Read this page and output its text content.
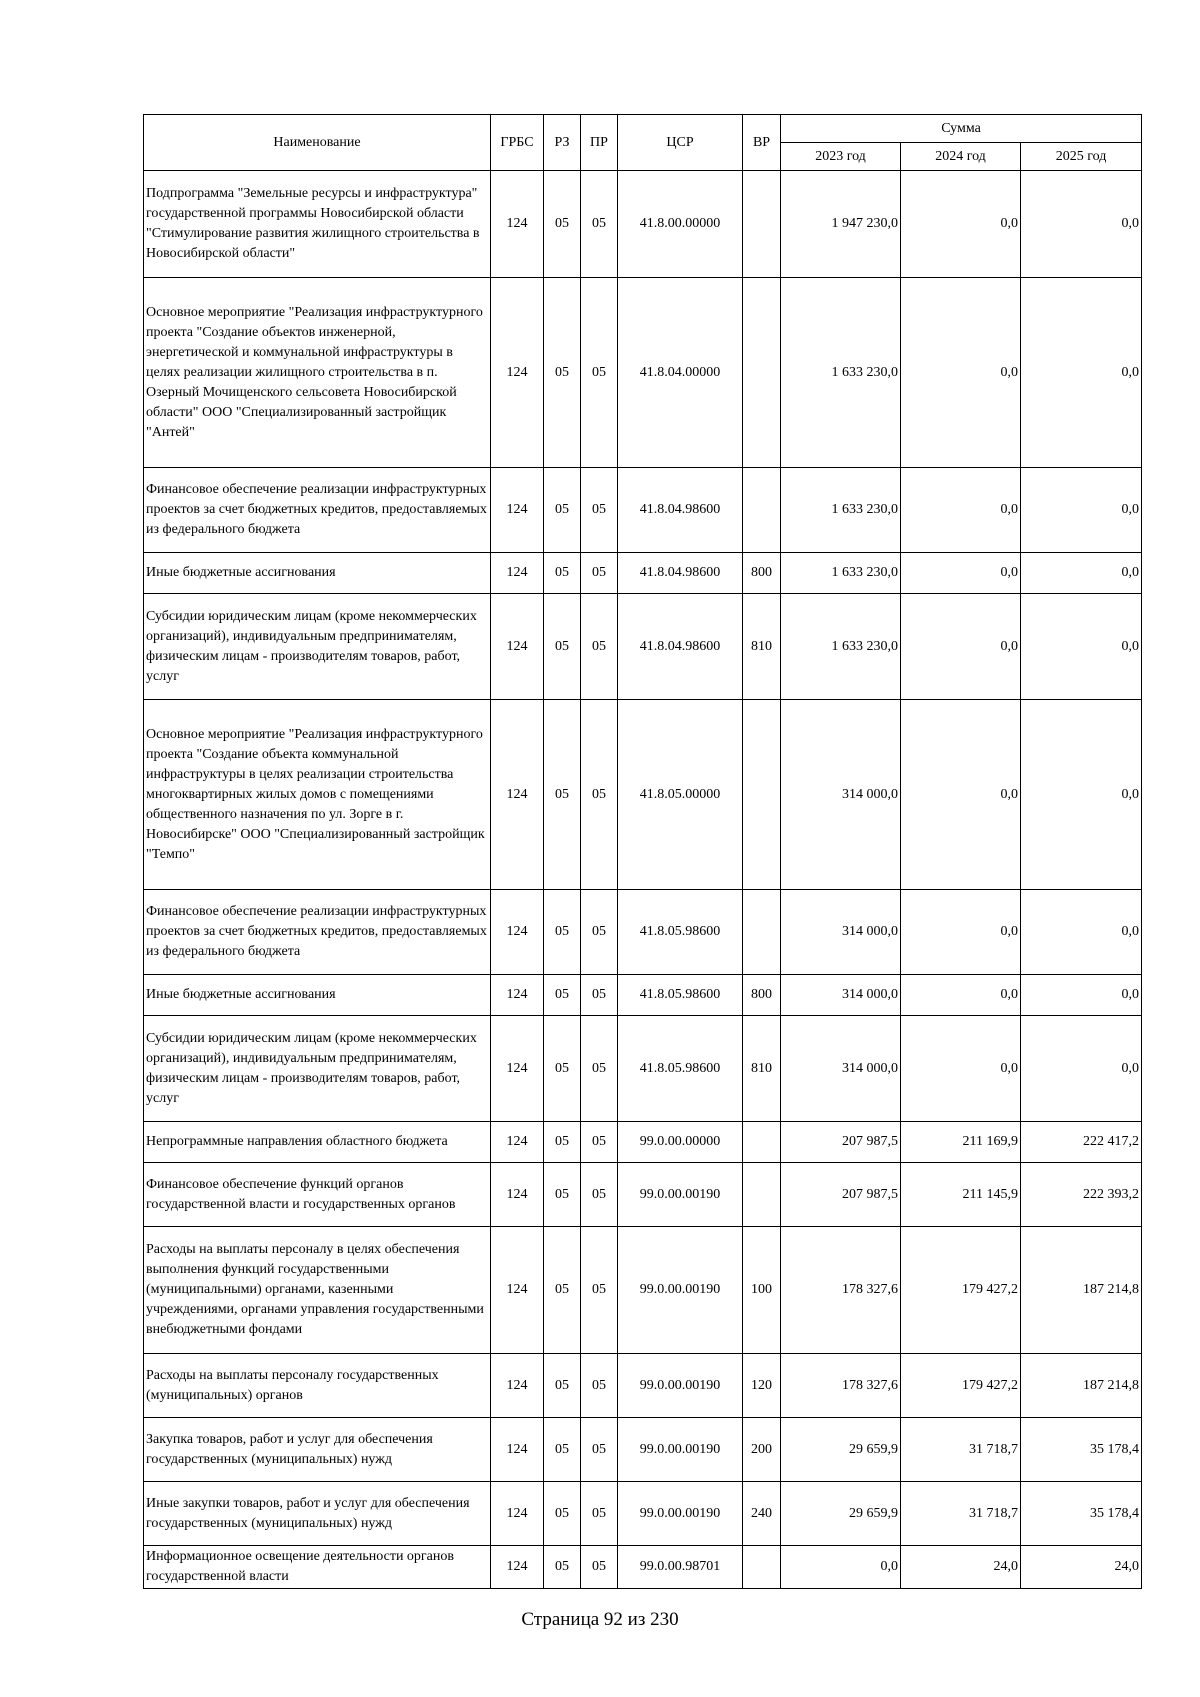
Наименование	ГРБС	РЗ	ПР	ЦСР	ВР	Сумма		
						2023 год	2024 год	2025 год
Подпрограмма "Земельные ресурсы и инфраструктура" государственной программы Новосибирской области "Стимулирование развития жилищного строительства в Новосибирской области"	124	05	05	41.8.00.00000		1 947 230,0	0,0	0,0
Основное мероприятие "Реализация инфраструктурного проекта "Создание объектов инженерной, энергетической и коммунальной инфраструктуры в целях реализации жилищного строительства в п. Озерный Мочищенского сельсовета Новосибирской области" ООО "Специализированный застройщик "Антей"	124	05	05	41.8.04.00000		1 633 230,0	0,0	0,0
Финансовое обеспечение реализации инфраструктурных проектов за счет бюджетных кредитов, предоставляемых из федерального бюджета	124	05	05	41.8.04.98600		1 633 230,0	0,0	0,0
Иные бюджетные ассигнования	124	05	05	41.8.04.98600	800	1 633 230,0	0,0	0,0
Субсидии юридическим лицам (кроме некоммерческих организаций), индивидуальным предпринимателям, физическим лицам - производителям товаров, работ, услуг	124	05	05	41.8.04.98600	810	1 633 230,0	0,0	0,0
Основное мероприятие "Реализация инфраструктурного проекта "Создание объекта коммунальной инфраструктуры в целях реализации строительства многоквартирных жилых домов с помещениями общественного назначения по ул. Зорге в г. Новосибирске" ООО "Специализированный застройщик "Темпо"	124	05	05	41.8.05.00000		314 000,0	0,0	0,0
Финансовое обеспечение реализации инфраструктурных проектов за счет бюджетных кредитов, предоставляемых из федерального бюджета	124	05	05	41.8.05.98600		314 000,0	0,0	0,0
Иные бюджетные ассигнования	124	05	05	41.8.05.98600	800	314 000,0	0,0	0,0
Субсидии юридическим лицам (кроме некоммерческих организаций), индивидуальным предпринимателям, физическим лицам - производителям товаров, работ, услуг	124	05	05	41.8.05.98600	810	314 000,0	0,0	0,0
Непрограммные направления областного бюджета	124	05	05	99.0.00.00000		207 987,5	211 169,9	222 417,2
Финансовое обеспечение функций органов государственной власти и государственных органов	124	05	05	99.0.00.00190		207 987,5	211 145,9	222 393,2
Расходы на выплаты персоналу в целях обеспечения выполнения функций государственными (муниципальными) органами, казенными учреждениями, органами управления государственными внебюджетными фондами	124	05	05	99.0.00.00190	100	178 327,6	179 427,2	187 214,8
Расходы на выплаты персоналу государственных (муниципальных) органов	124	05	05	99.0.00.00190	120	178 327,6	179 427,2	187 214,8
Закупка товаров, работ и услуг для обеспечения государственных (муниципальных) нужд	124	05	05	99.0.00.00190	200	29 659,9	31 718,7	35 178,4
Иные закупки товаров, работ и услуг для обеспечения государственных (муниципальных) нужд	124	05	05	99.0.00.00190	240	29 659,9	31 718,7	35 178,4
Информационное освещение деятельности органов государственной власти	124	05	05	99.0.00.98701		0,0	24,0	24,0
Страница 92 из 230
